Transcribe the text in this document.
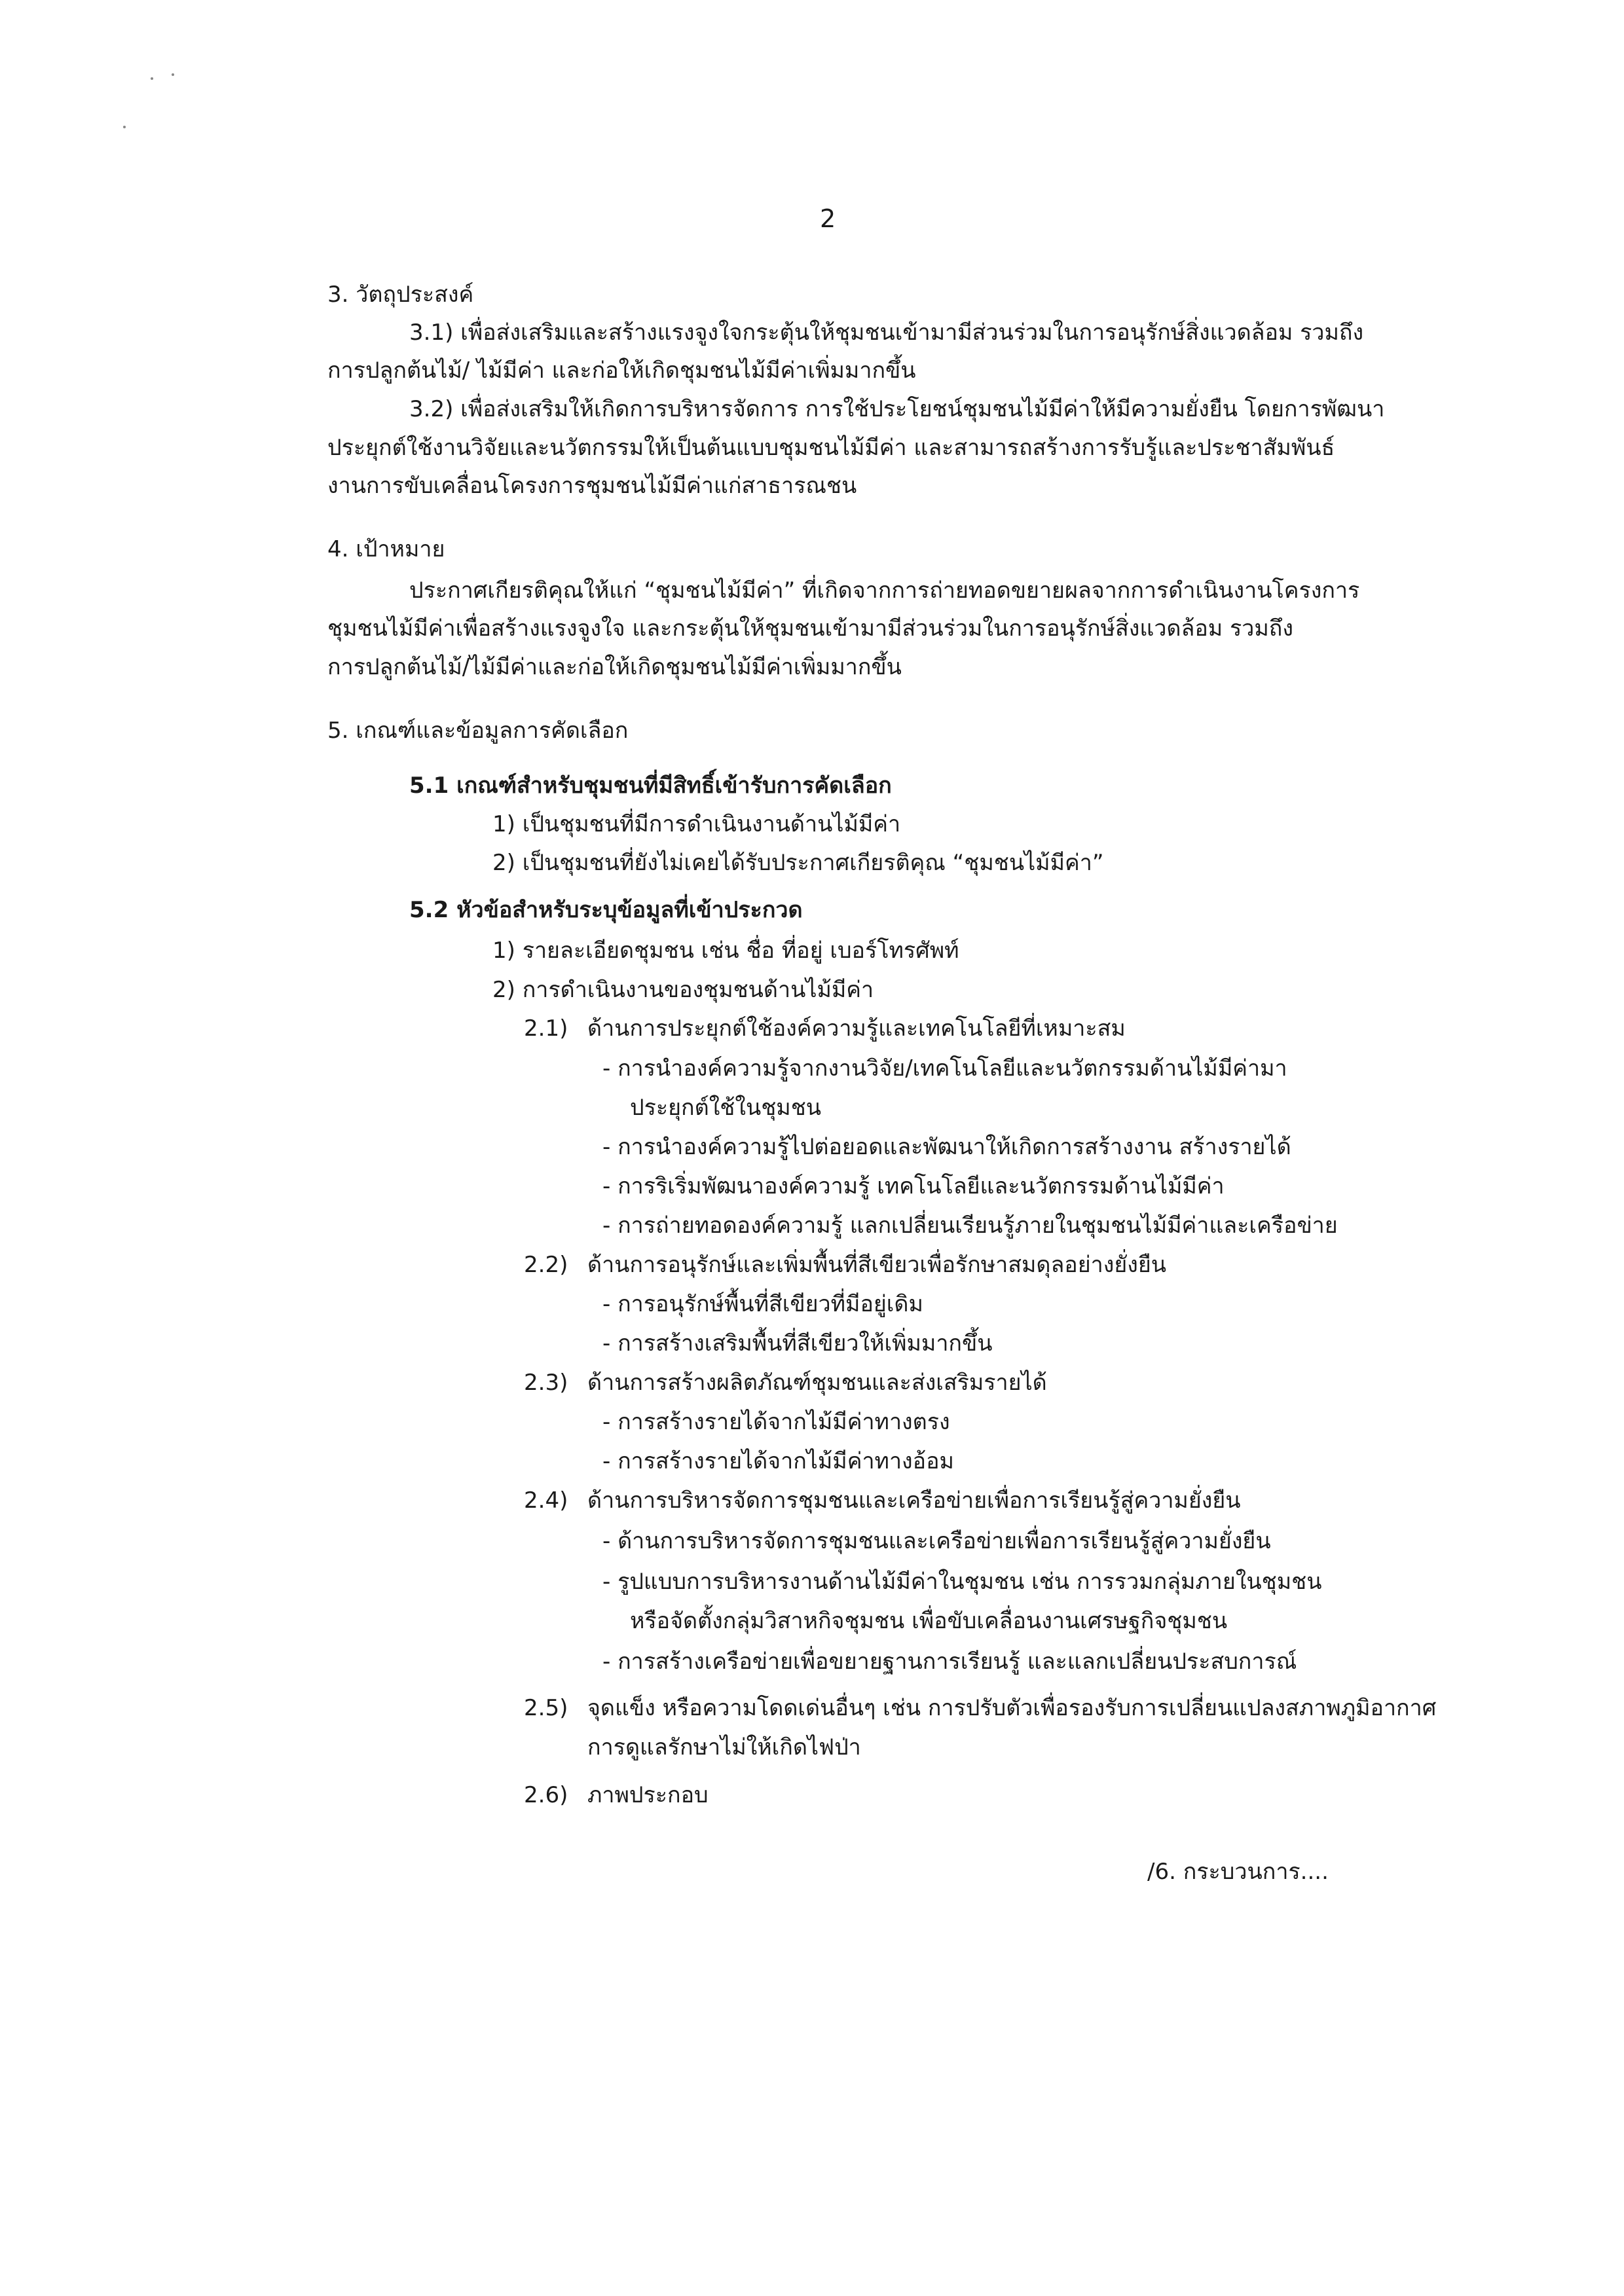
2

3. วัตถุประสงค์

3.1) เพื่อส่งเสริมและสร้างแรงจูงใจกระตุ้นให้ชุมชนเข้ามามีส่วนร่วมในการอนุรักษ์สิ่งแวดล้อม รวมถึง

การปลูกต้นไม้/ ไม้มีค่า และก่อให้เกิดชุมชนไม้มีค่าเพิ่มมากขึ้น

3.2) เพื่อส่งเสริมให้เกิดการบริหารจัดการ การใช้ประโยชน์ชุมชนไม้มีค่าให้มีความยั่งยืน โดยการพัฒนา

ประยุกต์ใช้งานวิจัยและนวัตกรรมให้เป็นต้นแบบชุมชนไม้มีค่า และสามารถสร้างการรับรู้และประชาสัมพันธ์

งานการขับเคลื่อนโครงการชุมชนไม้มีค่าแก่สาธารณชน

4. เป้าหมาย

ประกาศเกียรติคุณให้แก่ “ชุมชนไม้มีค่า” ที่เกิดจากการถ่ายทอดขยายผลจากการดำเนินงานโครงการ

ชุมชนไม้มีค่าเพื่อสร้างแรงจูงใจ และกระตุ้นให้ชุมชนเข้ามามีส่วนร่วมในการอนุรักษ์สิ่งแวดล้อม รวมถึง

การปลูกต้นไม้/ไม้มีค่าและก่อให้เกิดชุมชนไม้มีค่าเพิ่มมากขึ้น

5. เกณฑ์และข้อมูลการคัดเลือก

5.1 เกณฑ์สำหรับชุมชนที่มีสิทธิ์เข้ารับการคัดเลือก

1) เป็นชุมชนที่มีการดำเนินงานด้านไม้มีค่า

2) เป็นชุมชนที่ยังไม่เคยได้รับประกาศเกียรติคุณ “ชุมชนไม้มีค่า”

5.2 หัวข้อสำหรับระบุข้อมูลที่เข้าประกวด

1) รายละเอียดชุมชน เช่น ชื่อ ที่อยู่ เบอร์โทรศัพท์

2) การดำเนินงานของชุมชนด้านไม้มีค่า

2.1) ด้านการประยุกต์ใช้องค์ความรู้และเทคโนโลยีที่เหมาะสม

- การนำองค์ความรู้จากงานวิจัย/เทคโนโลยีและนวัตกรรมด้านไม้มีค่ามา

ประยุกต์ใช้ในชุมชน

- การนำองค์ความรู้ไปต่อยอดและพัฒนาให้เกิดการสร้างงาน สร้างรายได้

- การริเริ่มพัฒนาองค์ความรู้ เทคโนโลยีและนวัตกรรมด้านไม้มีค่า

- การถ่ายทอดองค์ความรู้ แลกเปลี่ยนเรียนรู้ภายในชุมชนไม้มีค่าและเครือข่าย

2.2) ด้านการอนุรักษ์และเพิ่มพื้นที่สีเขียวเพื่อรักษาสมดุลอย่างยั่งยืน

- การอนุรักษ์พื้นที่สีเขียวที่มีอยู่เดิม

- การสร้างเสริมพื้นที่สีเขียวให้เพิ่มมากขึ้น

2.3) ด้านการสร้างผลิตภัณฑ์ชุมชนและส่งเสริมรายได้

- การสร้างรายได้จากไม้มีค่าทางตรง

- การสร้างรายได้จากไม้มีค่าทางอ้อม

2.4) ด้านการบริหารจัดการชุมชนและเครือข่ายเพื่อการเรียนรู้สู่ความยั่งยืน

- ด้านการบริหารจัดการชุมชนและเครือข่ายเพื่อการเรียนรู้สู่ความยั่งยืน

- รูปแบบการบริหารงานด้านไม้มีค่าในชุมชน เช่น การรวมกลุ่มภายในชุมชน

หรือจัดตั้งกลุ่มวิสาหกิจชุมชน เพื่อขับเคลื่อนงานเศรษฐกิจชุมชน

- การสร้างเครือข่ายเพื่อขยายฐานการเรียนรู้ และแลกเปลี่ยนประสบการณ์

2.5) จุดแข็ง หรือความโดดเด่นอื่นๆ เช่น การปรับตัวเพื่อรองรับการเปลี่ยนแปลงสภาพภูมิอากาศ

การดูแลรักษาไม่ให้เกิดไฟป่า

2.6) ภาพประกอบ

/6. กระบวนการ....
